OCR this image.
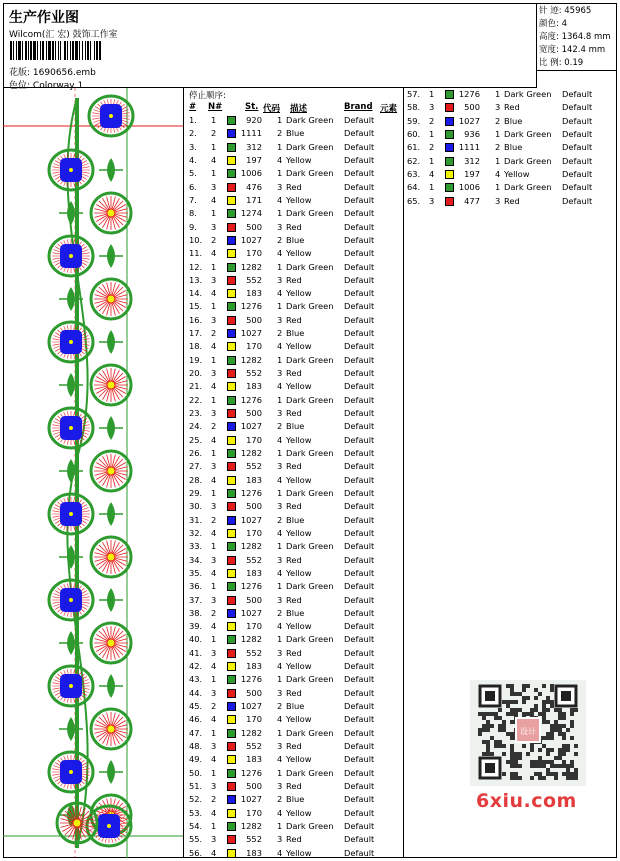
生产作业图
Wilcom(汇 宏) 鼓饰工作室
花版: 1690656.emb
色位: Colorway 1
针 迹: 45965
颜色: 4
高度: 1364.8 mm
宽度: 142.4 mm
比 例: 0.19
停止顺序:
# N#	St. 代码 描述	Brand 元素
1. 1	920 1 Dark Green Default
2. 2	1111 2 Blue	Default
3. 1	312 1 Dark Green Default
4. 4	197 4 Yellow	Default
5. 1	1006 1 Dark Green Default
6. 3	476 3 Red	Default
7. 4	171 4 Yellow	Default
8. 1	1274 1 Dark Green Default
9. 3	500 3 Red	Default
10. 2	1027 2 Blue	Default
11. 4	170 4 Yellow	Default
12. 1	1282 1 Dark Green Default
13. 3	552 3 Red	Default
14. 4	183 4 Yellow	Default
15. 1	1276 1 Dark Green Default
16. 3	500 3 Red	Default
17. 2	1027 2 Blue	Default
18. 4	170 4 Yellow	Default
19. 1	1282 1 Dark Green Default
20. 3	552 3 Red	Default
21. 4	183 4 Yellow	Default
22. 1	1276 1 Dark Green Default
23. 3	500 3 Red	Default
24. 2	1027 2 Blue	Default
25. 4	170 4 Yellow	Default
26. 1	1282 1 Dark Green Default
27. 3	552 3 Red	Default
28. 4	183 4 Yellow	Default
29. 1	1276 1 Dark Green Default
30. 3	500 3 Red	Default
31. 2	1027 2 Blue	Default
32. 4	170 4 Yellow	Default
33. 1	1282 1 Dark Green Default
34. 3	552 3 Red	Default
35. 4	183 4 Yellow	Default
36. 1	1276 1 Dark Green Default
37. 3	500 3 Red	Default
38. 2	1027 2 Blue	Default
39. 4	170 4 Yellow	Default
40. 1	1282 1 Dark Green Default
41. 3	552 3 Red	Default
42. 4	183 4 Yellow	Default
43. 1	1276 1 Dark Green Default
44. 3	500 3 Red	Default
45. 2	1027 2 Blue	Default
46. 4	170 4 Yellow	Default
47. 1	1282 1 Dark Green Default
48. 3	552 3 Red	Default
49. 4	183 4 Yellow	Default
50. 1	1276 1 Dark Green Default
51. 3	500 3 Red	Default
52. 2	1027 2 Blue	Default
53. 4	170 4 Yellow	Default
54. 1	1282 1 Dark Green Default
55. 3	552 3 Red	Default
56. 4	183 4 Yellow	Default
57. 1	1276 1 Dark Green Default
58. 3	500 3 Red	Default
59. 2	1027 2 Blue	Default
60. 1	936 1 Dark Green Default
61. 2	1111 2 Blue	Default
62. 1	312 1 Dark Green Default
63. 4	197 4 Yellow	Default
64. 1	1006 1 Dark Green Default
65. 3	477 3 Red	Default
设计
6xiu.com
